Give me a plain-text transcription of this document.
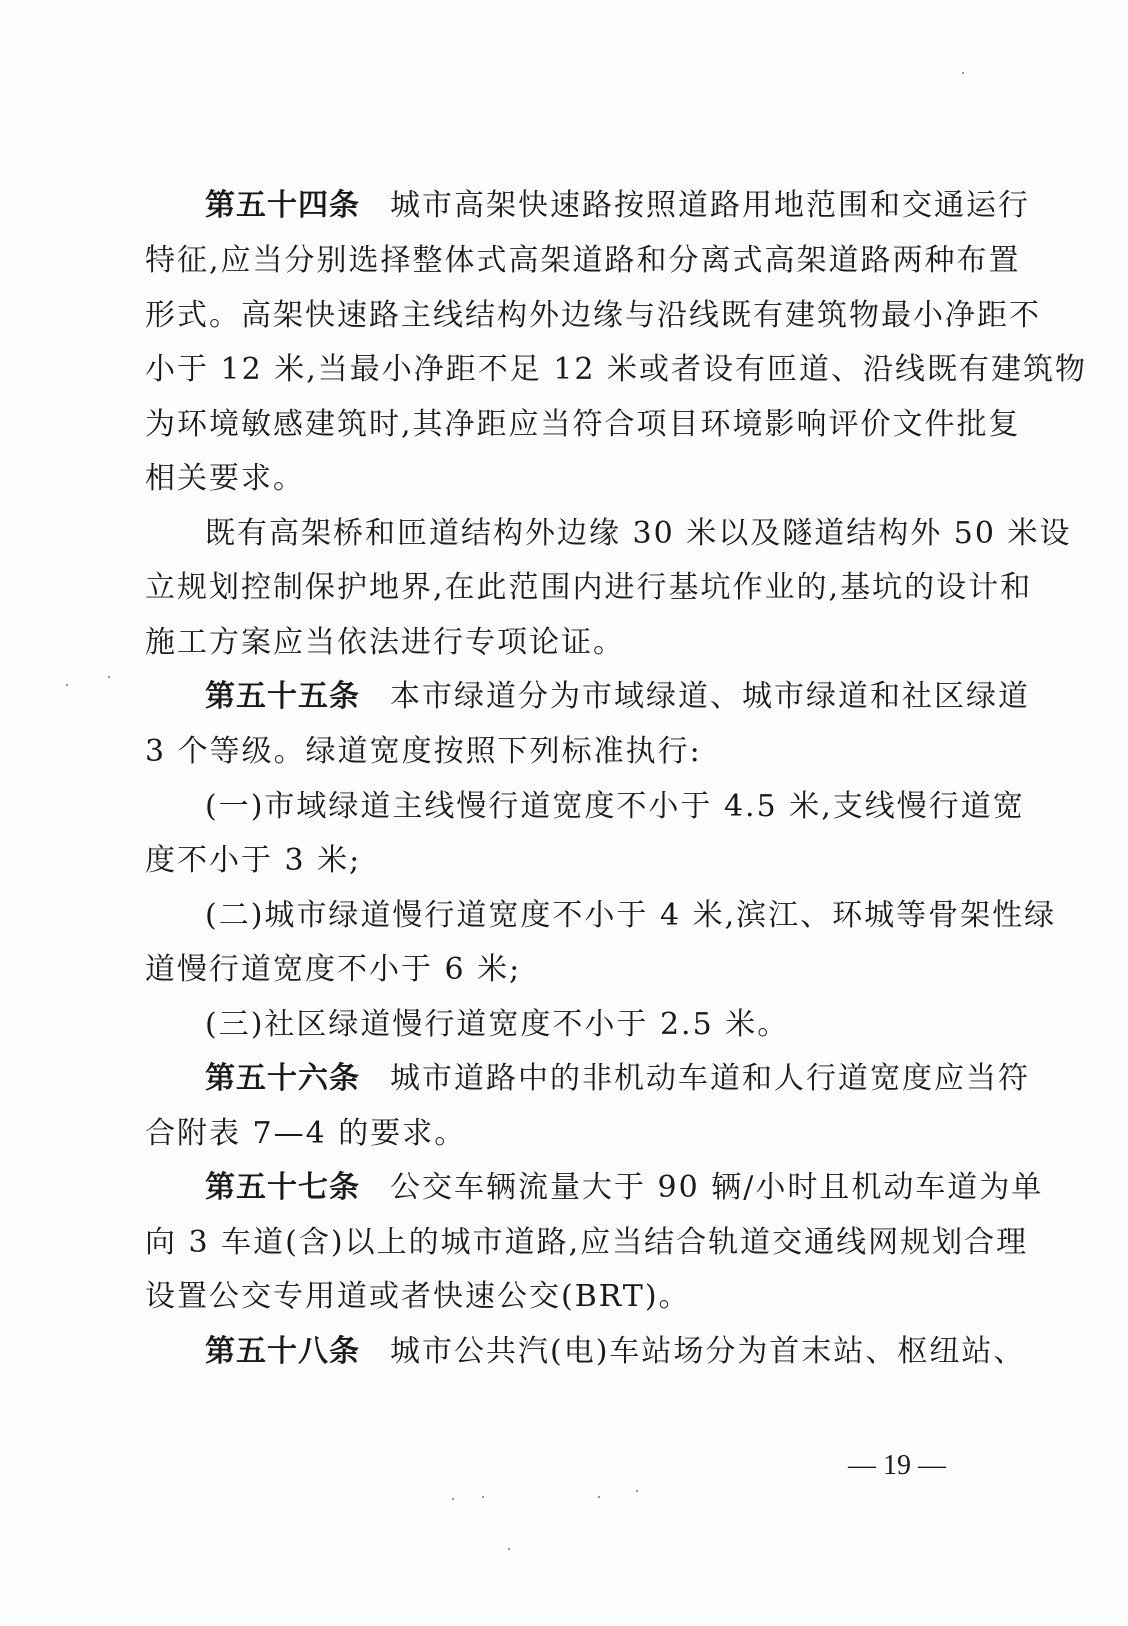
第五十四条 城市高架快速路按照道路用地范围和交通运行
特征,应当分别选择整体式高架道路和分离式高架道路两种布置
形式。高架快速路主线结构外边缘与沿线既有建筑物最小净距不
小于 12 米,当最小净距不足 12 米或者设有匝道、沿线既有建筑物
为环境敏感建筑时,其净距应当符合项目环境影响评价文件批复
相关要求。
既有高架桥和匝道结构外边缘 30 米以及隧道结构外 50 米设
立规划控制保护地界,在此范围内进行基坑作业的,基坑的设计和
施工方案应当依法进行专项论证。
第五十五条 本市绿道分为市域绿道、城市绿道和社区绿道
3 个等级。绿道宽度按照下列标准执行:
(一)市域绿道主线慢行道宽度不小于 4.5 米,支线慢行道宽
度不小于 3 米;
(二)城市绿道慢行道宽度不小于 4 米,滨江、环城等骨架性绿
道慢行道宽度不小于 6 米;
(三)社区绿道慢行道宽度不小于 2.5 米。
第五十六条 城市道路中的非机动车道和人行道宽度应当符
合附表 7—4 的要求。
第五十七条 公交车辆流量大于 90 辆/小时且机动车道为单
向 3 车道(含)以上的城市道路,应当结合轨道交通线网规划合理
设置公交专用道或者快速公交(BRT)。
第五十八条 城市公共汽(电)车站场分为首末站、枢纽站、
— 19 —
